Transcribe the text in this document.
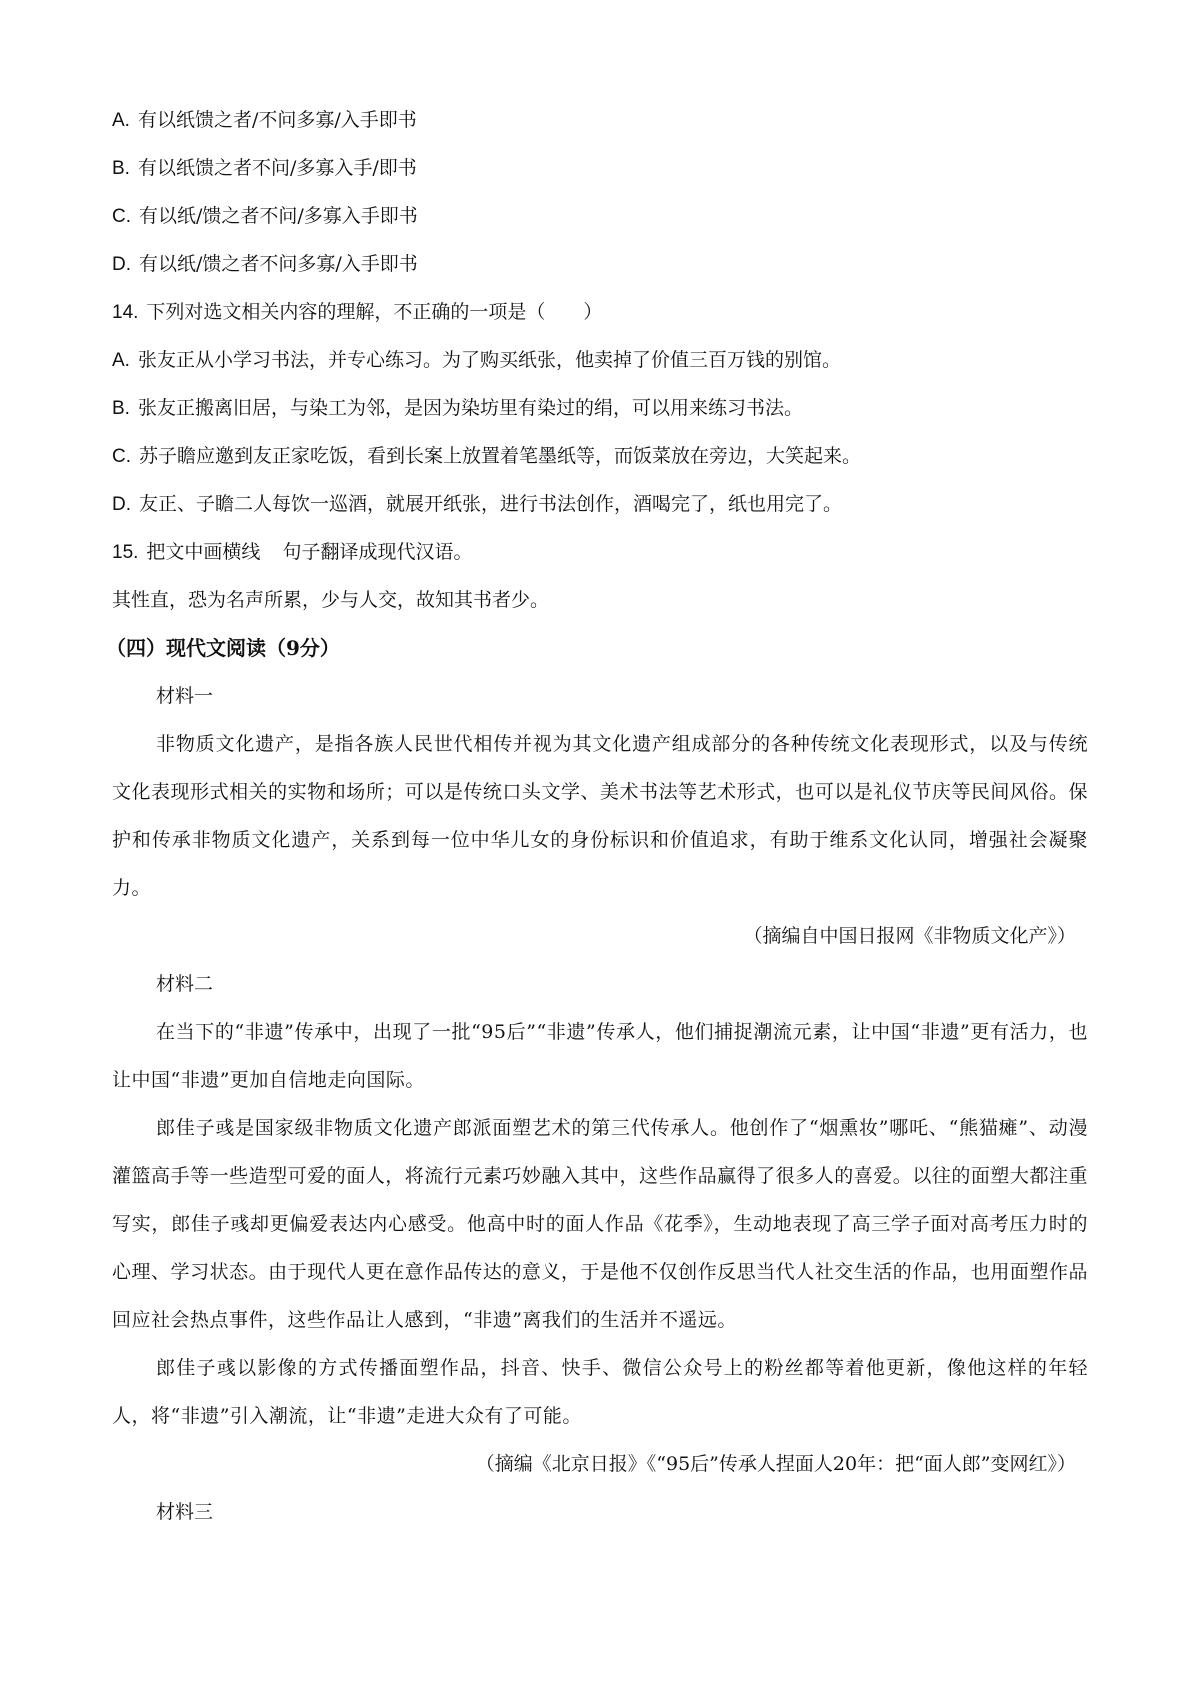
A. 有以纸馈之者/不问多寡/入手即书
B. 有以纸馈之者不问/多寡入手/即书
C. 有以纸/馈之者不问/多寡入手即书
D. 有以纸/馈之者不问多寡/入手即书
14. 下列对选文相关内容的理解，不正确的一项是（　　）
A. 张友正从小学习书法，并专心练习。为了购买纸张，他卖掉了价值三百万钱的别馆。
B. 张友正搬离旧居，与染工为邻，是因为染坊里有染过的绢，可以用来练习书法。
C. 苏子瞻应邀到友正家吃饭，看到长案上放置着笔墨纸等，而饭菜放在旁边，大笑起来。
D. 友正、子瞻二人每饮一巡酒，就展开纸张，进行书法创作，酒喝完了，纸也用完了。
15. 把文中画横线 句子翻译成现代汉语。
其性直，恐为名声所累，少与人交，故知其书者少。
（四）现代文阅读（9分）
材料一

非物质文化遗产，是指各族人民世代相传并视为其文化遗产组成部分的各种传统文化表现形式，以及与传统文化表现形式相关的实物和场所；可以是传统口头文学、美术书法等艺术形式，也可以是礼仪节庆等民间风俗。保护和传承非物质文化遗产，关系到每一位中华儿女的身份标识和价值追求，有助于维系文化认同，增强社会凝聚力。

（摘编自中国日报网《非物质文化产》）
材料二

在当下的“非遗”传承中，出现了一批“95后”“非遗”传承人，他们捕捉潮流元素，让中国“非遗”更有活力，也让中国“非遗”更加自信地走向国际。

郎佳子彧是国家级非物质文化遗产郎派面塑艺术的第三代传承人。他创作了“烟熏妆”哪吒、“熊猫瘫”、动漫灌篮高手等一些造型可爱的面人，将流行元素巧妙融入其中，这些作品赢得了很多人的喜爱。以往的面塑大都注重写实，郎佳子彧却更偏爱表达内心感受。他高中时的面人作品《花季》，生动地表现了高三学子面对高考压力时的心理、学习状态。由于现代人更在意作品传达的意义，于是他不仅创作反思当代人社交生活的作品，也用面塑作品回应社会热点事件，这些作品让人感到，“非遗”离我们的生活并不遥远。

郎佳子彧以影像的方式传播面塑作品，抖音、快手、微信公众号上的粉丝都等着他更新，像他这样的年轻人，将“非遗”引入潮流，让“非遗”走进大众有了可能。

（摘编《北京日报》《“95后”传承人捏面人20年：把“面人郎”变网红》）
材料三
